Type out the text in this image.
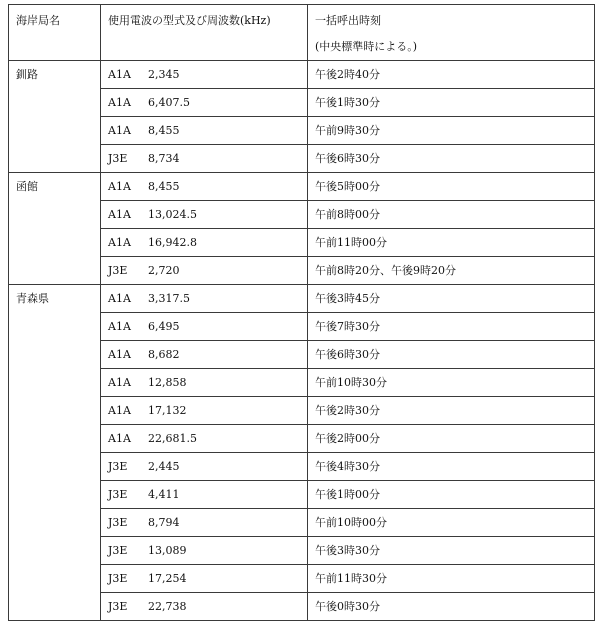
海岸局名	使用電波の型式及び周波数(kHz)	一括呼出時刻
(中央標準時による。)

釧路	A1A 2,345	午後2時40分
	A1A 6,407.5	午後1時30分
	A1A 8,455	午前9時30分
	J3E 8,734	午後6時30分
函館	A1A 8,455	午後5時00分
	A1A 13,024.5	午前8時00分
	A1A 16,942.8	午前11時00分
	J3E 2,720	午前8時20分、午後9時20分
青森県	A1A 3,317.5	午後3時45分
	A1A 6,495	午後7時30分
	A1A 8,682	午後6時30分
	A1A 12,858	午前10時30分
	A1A 17,132	午後2時30分
	A1A 22,681.5	午後2時00分
	J3E 2,445	午後4時30分
	J3E 4,411	午後1時00分
	J3E 8,794	午前10時00分
	J3E 13,089	午後3時30分
	J3E 17,254	午前11時30分
	J3E 22,738	午後0時30分
